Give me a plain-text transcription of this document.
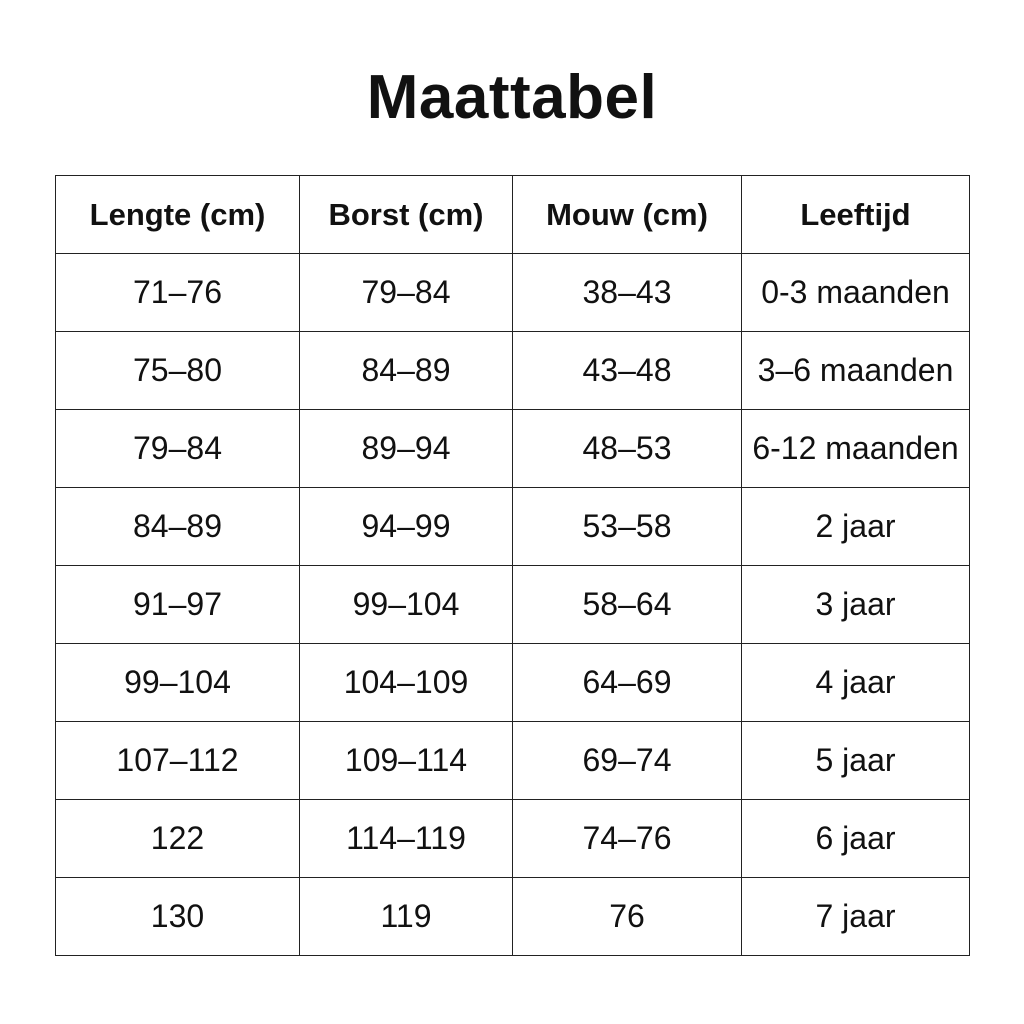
Maattabel
Lengte (cm)	Borst (cm)	Mouw (cm)	Leeftijd
71–76	79–84	38–43	0-3 maanden
75–80	84–89	43–48	3–6 maanden
79–84	89–94	48–53	6-12 maanden
84–89	94–99	53–58	2 jaar
91–97	99–104	58–64	3 jaar
99–104	104–109	64–69	4 jaar
107–112	109–114	69–74	5 jaar
122	114–119	74–76	6 jaar
130	119	76	7 jaar
